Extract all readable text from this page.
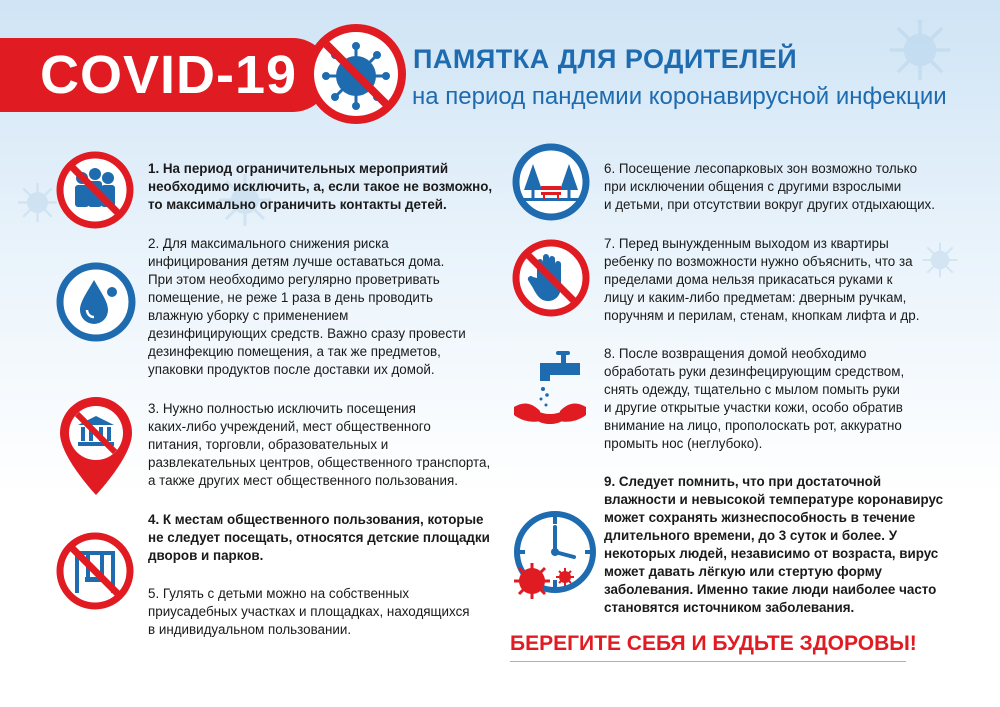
COVID-19	ПАМЯТКА ДЛЯ РОДИТЕЛЕЙ
на период пандемии коронавирусной инфекции
1. На период ограничительных мероприятий
необходимо исключить, а, если такое не возможно,
то максимально ограничить контакты детей.
2. Для максимального снижения риска
инфицирования детям лучше оставаться дома.
При этом необходимо регулярно проветривать
помещение, не реже 1 раза в день проводить
влажную уборку с применением
дезинфицирующих средств. Важно сразу провести
дезинфекцию помещения, а так же предметов,
упаковки продуктов после доставки их домой.
3. Нужно полностью исключить посещения
каких-либо учреждений, мест общественного
питания, торговли, образовательных и
развлекательных центров, общественного транспорта,
а также других мест общественного пользования.
4. К местам общественного пользования, которые
не следует посещать, относятся детские площадки
дворов и парков.
5. Гулять с детьми можно на собственных
приусадебных участках и площадках, находящихся
в индивидуальном пользовании.
6. Посещение лесопарковых зон возможно только
при исключении общения с другими взрослыми
и детьми, при отсутствии вокруг других отдыхающих.
7. Перед вынужденным выходом из квартиры
ребенку по возможности нужно объяснить, что за
пределами дома нельзя прикасаться руками к
лицу и каким-либо предметам: дверным ручкам,
поручням и перилам, стенам, кнопкам лифта и др.
8. После возвращения домой необходимо
обработать руки дезинфецирующим средством,
снять одежду, тщательно с мылом помыть руки
и другие открытые участки кожи, особо обратив
внимание на лицо, прополоскать рот, аккуратно
промыть нос (неглубоко).
9. Следует помнить, что при достаточной
влажности и невысокой температуре коронавирус
может сохранять жизнеспособность в течение
длительного времени, до 3 суток и более. У
некоторых людей, независимо от возраста, вирус
может давать лёгкую или стертую форму
заболевания. Именно такие люди наиболее часто
становятся источником заболевания.
БЕРЕГИТЕ СЕБЯ И БУДЬТЕ ЗДОРОВЫ!
